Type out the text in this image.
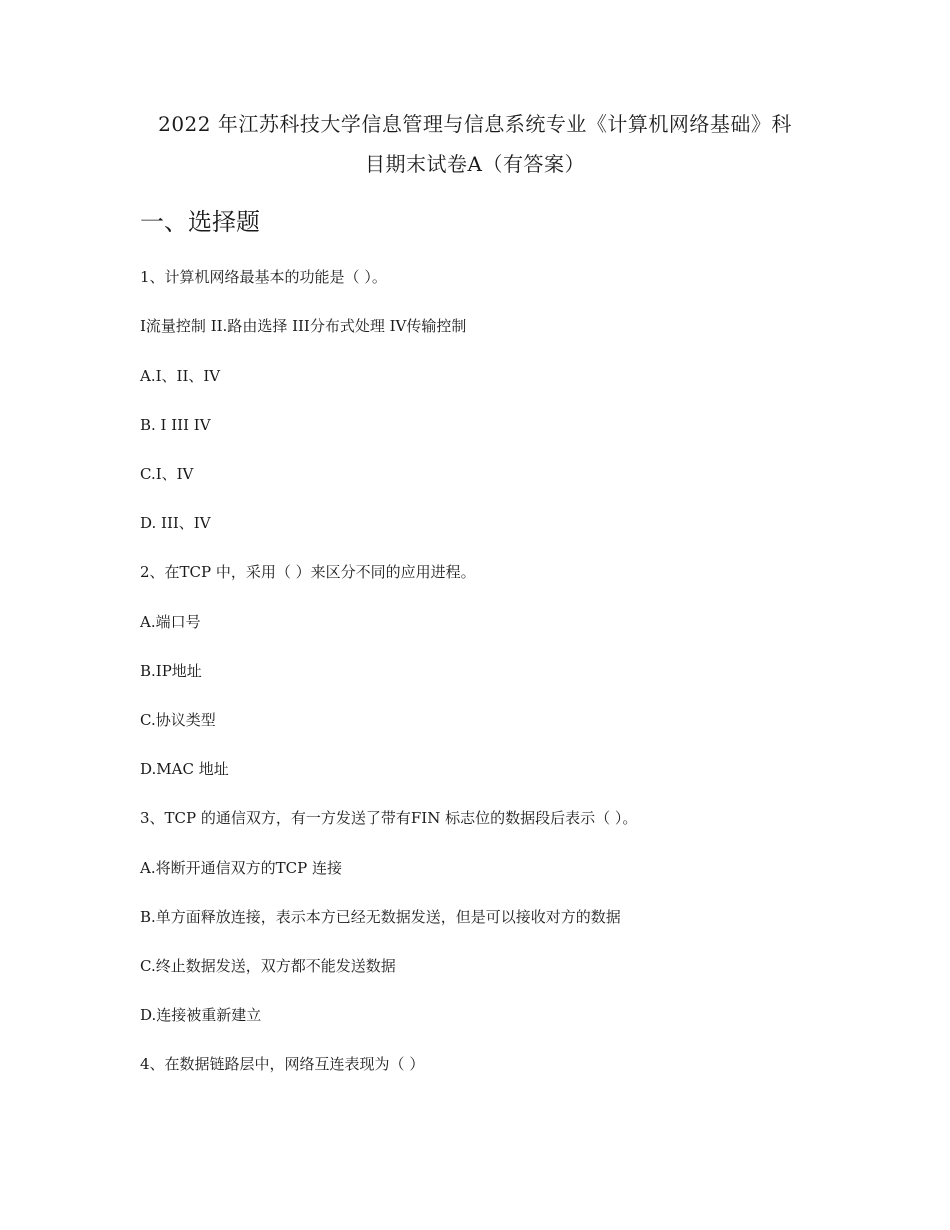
2022 年江苏科技大学信息管理与信息系统专业《计算机网络基础》科
目期末试卷A（有答案）
一、选择题
1、计算机网络最基本的功能是（ ）。
I流量控制 II.路由选择 III分布式处理 IV传输控制
A.I、II、IV
B. I III IV
C.I、IV
D. III、IV
2、在TCP 中，采用（ ）来区分不同的应用进程。
A.端口号
B.IP地址
C.协议类型
D.MAC 地址
3、TCP 的通信双方，有一方发送了带有FIN 标志位的数据段后表示（ ）。
A.将断开通信双方的TCP 连接
B.单方面释放连接，表示本方已经无数据发送，但是可以接收对方的数据
C.终止数据发送，双方都不能发送数据
D.连接被重新建立
4、在数据链路层中，网络互连表现为（ ）
